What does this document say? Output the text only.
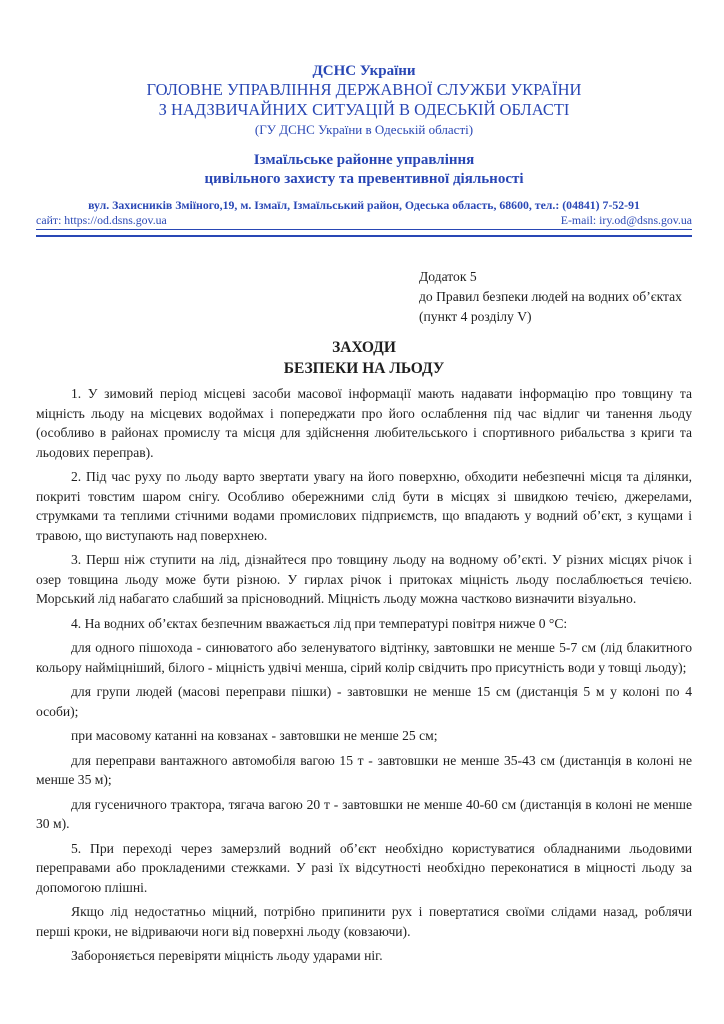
ДСНС України
ГОЛОВНЕ УПРАВЛІННЯ ДЕРЖАВНОЇ СЛУЖБИ УКРАЇНИ
З НАДЗВИЧАЙНИХ СИТУАЦІЙ В ОДЕСЬКІЙ ОБЛАСТІ
(ГУ ДСНС України в Одеській області)
Ізмаїльське районне управління
цивільного захисту та превентивної діяльності
вул. Захисників Зміїного,19, м. Ізмаїл, Ізмаїльський район, Одеська область, 68600, тел.: (04841) 7-52-91
сайт: https://od.dsns.gov.ua	E-mail: iry.od@dsns.gov.ua
Додаток 5
до Правил безпеки людей на водних об’єктах
(пункт 4 розділу V)
ЗАХОДИ
БЕЗПЕКИ НА ЛЬОДУ

1. У зимовий період місцеві засоби масової інформації мають надавати інформацію про товщину та міцність льоду на місцевих водоймах і попереджати про його ослаблення під час відлиг чи танення льоду (особливо в районах промислу та місця для здійснення любительського і спортивного рибальства з криги та льодових переправ).

2. Під час руху по льоду варто звертати увагу на його поверхню, обходити небезпечні місця та ділянки, покриті товстим шаром снігу. Особливо обережними слід бути в місцях зі швидкою течією, джерелами, струмками та теплими стічними водами промислових підприємств, що впадають у водний об’єкт, з кущами і травою, що виступають над поверхнею.

3. Перш ніж ступити на лід, дізнайтеся про товщину льоду на водному об’єкті. У різних місцях річок і озер товщина льоду може бути різною. У гирлах річок і притоках міцність льоду послаблюється течією. Морський лід набагато слабший за прісноводний. Міцність льоду можна частково визначити візуально.

4. На водних об’єктах безпечним вважається лід при температурі повітря нижче 0 °С:

для одного пішохода - синюватого або зеленуватого відтінку, завтовшки не менше 5-7 см (лід блакитного кольору найміцніший, білого - міцність удвічі менша, сірий колір свідчить про присутність води у товщі льоду);

для групи людей (масові переправи пішки) - завтовшки не менше 15 см (дистанція 5 м у колоні по 4 особи);

при масовому катанні на ковзанах - завтовшки не менше 25 см;

для переправи вантажного автомобіля вагою 15 т - завтовшки не менше 35-43 см (дистанція в колоні не менше 35 м);

для гусеничного трактора, тягача вагою 20 т - завтовшки не менше 40-60 см (дистанція в колоні не менше 30 м).

5. При переході через замерзлий водний об’єкт необхідно користуватися обладнаними льодовими переправами або прокладеними стежками. У разі їх відсутності необхідно переконатися в міцності льоду за допомогою плішні.

Якщо лід недостатньо міцний, потрібно припинити рух і повертатися своїми слідами назад, роблячи перші кроки, не відриваючи ноги від поверхні льоду (ковзаючи).

Забороняється перевіряти міцність льоду ударами ніг.
